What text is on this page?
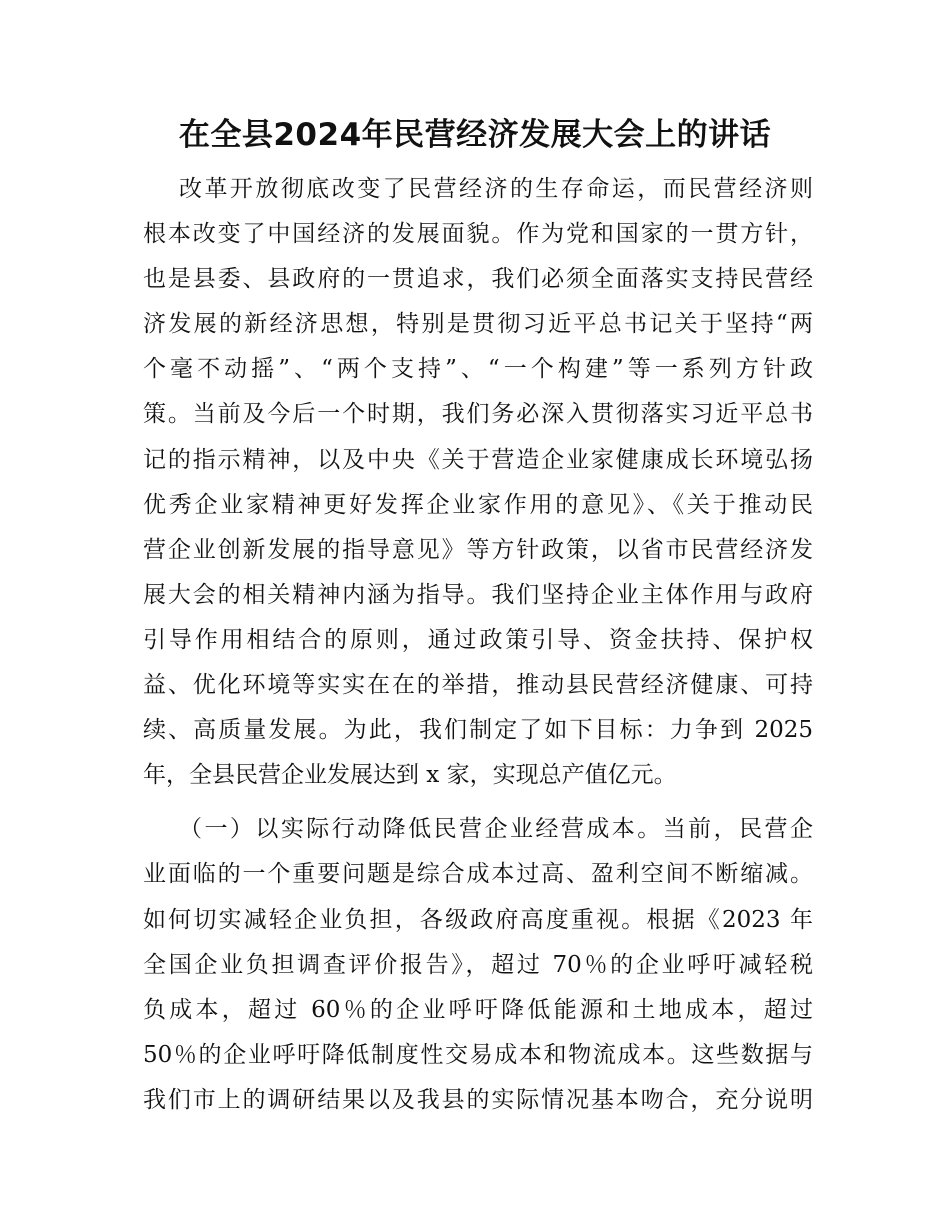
在全县2024年民营经济发展大会上的讲话

改革开放彻底改变了民营经济的生存命运，而民营经济则
根本改变了中国经济的发展面貌。作为党和国家的一贯方针，
也是县委、县政府的一贯追求，我们必须全面落实支持民营经
济发展的新经济思想，特别是贯彻习近平总书记关于坚持“两
个毫不动摇”、“两个支持”、“一个构建”等一系列方针政
策。当前及今后一个时期，我们务必深入贯彻落实习近平总书
记的指示精神，以及中央《关于营造企业家健康成长环境弘扬
优秀企业家精神更好发挥企业家作用的意见》、《关于推动民
营企业创新发展的指导意见》等方针政策，以省市民营经济发
展大会的相关精神内涵为指导。我们坚持企业主体作用与政府
引导作用相结合的原则，通过政策引导、资金扶持、保护权
益、优化环境等实实在在的举措，推动县民营经济健康、可持
续、高质量发展。为此，我们制定了如下目标：力争到 2025
年，全县民营企业发展达到 x 家，实现总产值亿元。

（一）以实际行动降低民营企业经营成本。当前，民营企
业面临的一个重要问题是综合成本过高、盈利空间不断缩减。
如何切实减轻企业负担，各级政府高度重视。根据《2023 年
全国企业负担调查评价报告》，超过 70％的企业呼吁减轻税
负成本，超过 60％的企业呼吁降低能源和土地成本，超过
50％的企业呼吁降低制度性交易成本和物流成本。这些数据与
我们市上的调研结果以及我县的实际情况基本吻合，充分说明
